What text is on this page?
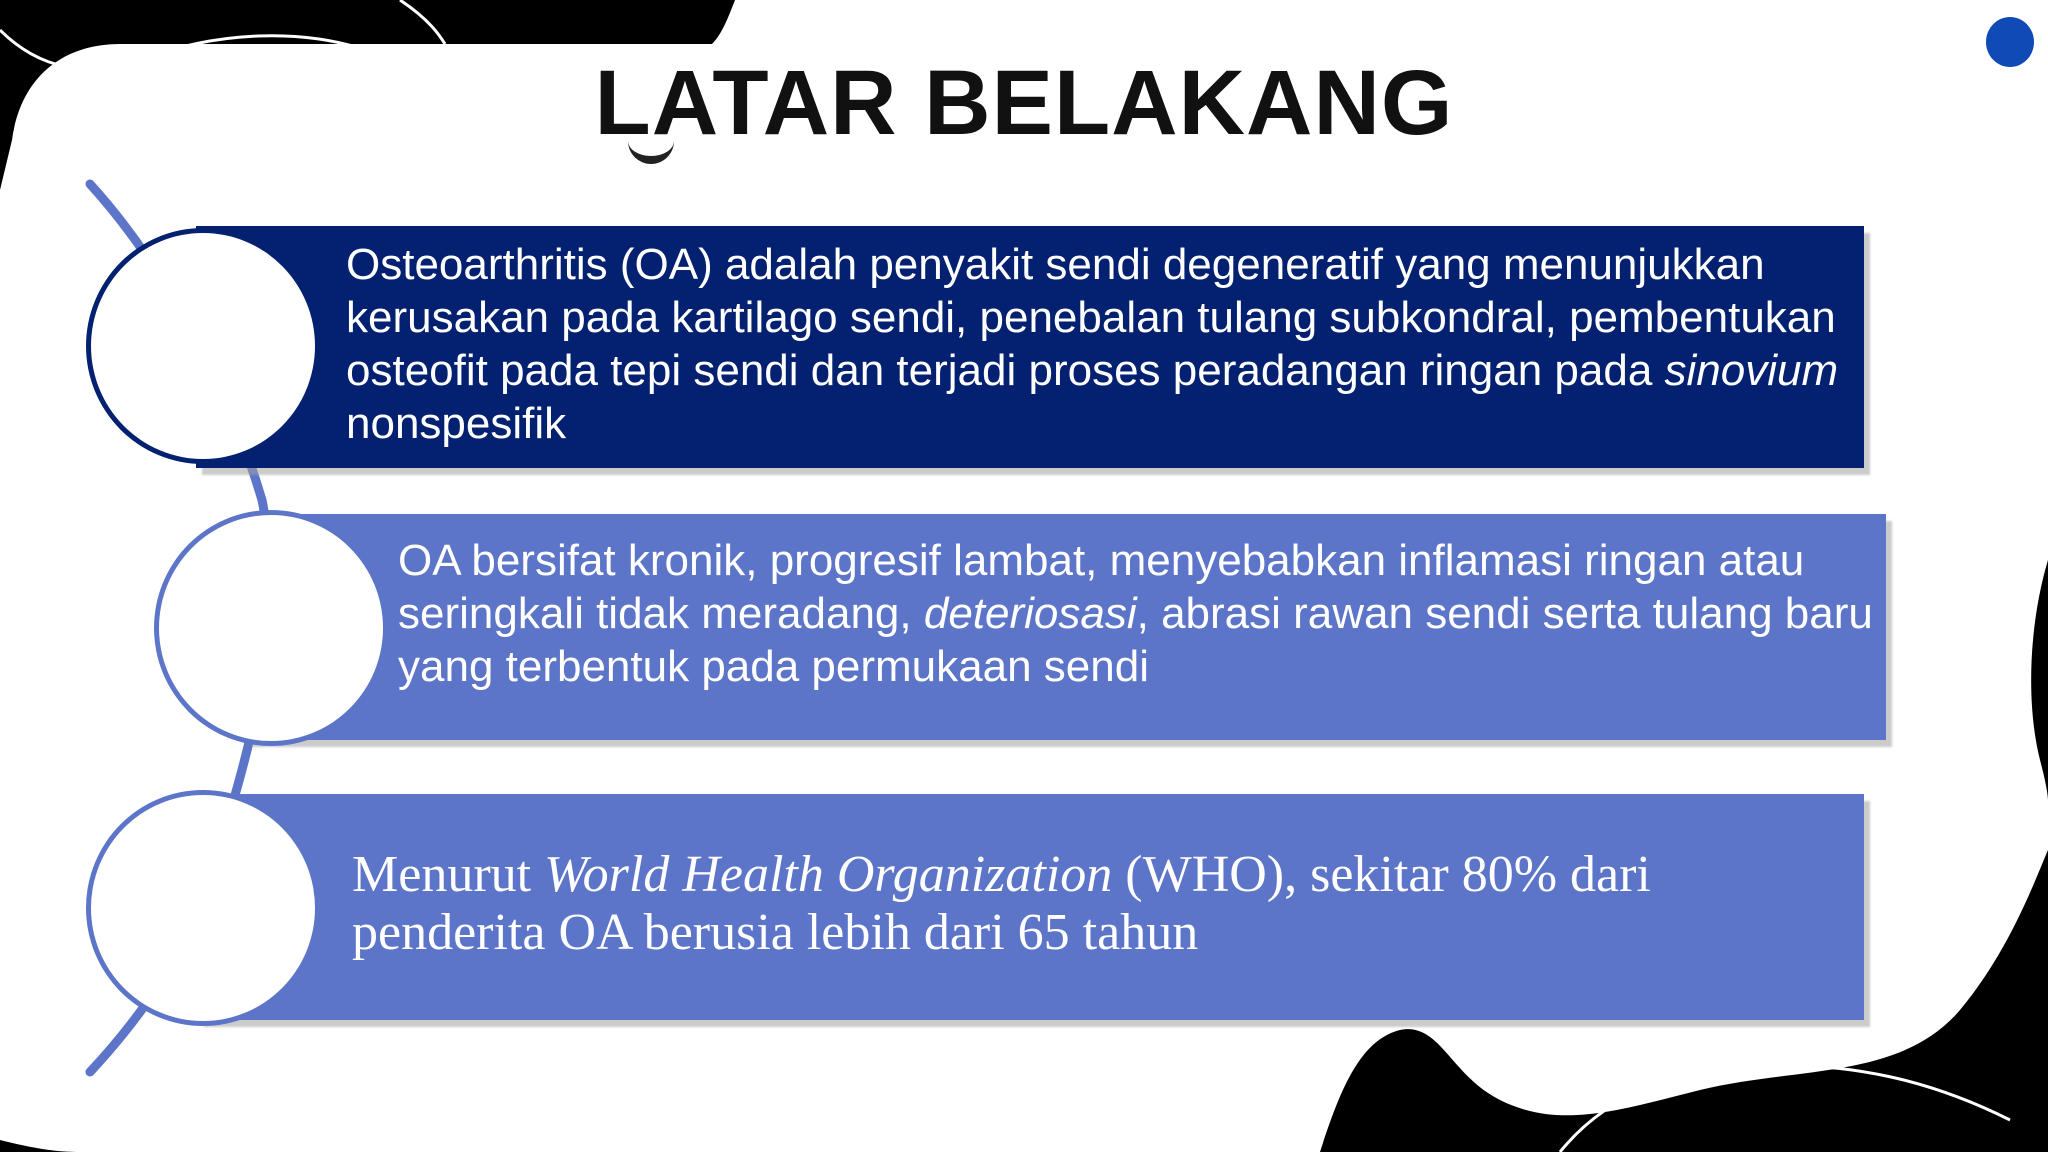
LATAR BELAKANG
Osteoarthritis (OA) adalah penyakit sendi degeneratif yang menunjukkan kerusakan pada kartilago sendi, penebalan tulang subkondral, pembentukan osteofit pada tepi sendi dan terjadi proses peradangan ringan pada sinovium nonspesifik
OA bersifat kronik, progresif lambat, menyebabkan inflamasi ringan atau seringkali tidak meradang, deteriosasi, abrasi rawan sendi serta tulang baru yang terbentuk pada permukaan sendi
Menurut World Health Organization (WHO), sekitar 80% dari penderita OA berusia lebih dari 65 tahun
